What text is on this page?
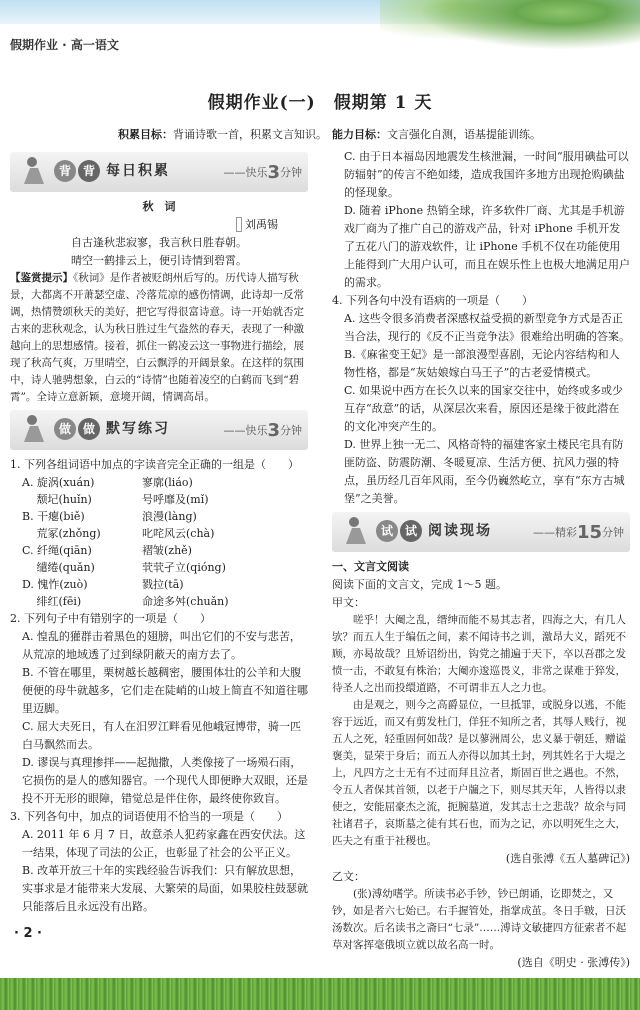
假期作业 · 高一语文
假期作业(一)　假期第 1 天
积累目标：背诵诗歌一首，积累文言知识。 能力目标：文言强化自测，语基提能训练。
背 背 每日积累	——快乐3分钟

秋　词

刘禹锡

自古逢秋悲寂寥，我言秋日胜春朝。

晴空一鹤排云上，便引诗情到碧霄。

【鉴赏提示】《秋词》是作者被贬朗州后写的。历代诗人描写秋景，大都离不开萧瑟空虚、冷落荒凉的感伤情调，此诗却一反常调，热情赞颂秋天的美好，把它写得很富诗意。诗一开始就否定古来的悲秋观念，认为秋日胜过生气盎然的春天，表现了一种激越向上的思想感情。接着，抓住一鹤凌云这一事物进行描绘，展现了秋高气爽，万里晴空，白云飘浮的开阔景象。在这样的氛围中，诗人驰骋想象，白云的“诗情”也随着凌空的白鹤而飞到“碧霄”。全诗立意新颖，意境开阔，情调高昂。

做 做 默写练习	——快乐3分钟

1. 下列各组词语中加点的字读音完全正确的一组是（　　）

A. 旋涡(xuán)	寥廓(liáo)
　 颓圮(huǐn)	号呼靡及(mǐ)
B. 干瘪(biě)	浪漫(làng)
　 荒冢(zhǒng)	叱咤风云(chà)
C. 纤绳(qiān)	褶皱(zhě)
　 缱绻(quǎn)	茕茕孑立(qióng)
D. 愧怍(zuò)	戮拉(tā)
　 绯红(fēi)	命途多舛(chuǎn)

2. 下列句子中有错别字的一项是（　　）

A. 惶乱的獾群击着黑色的翅膀，叫出它们的不安与悲苦，从荒凉的地域透了过到绿阴蔽天的南方去了。

B. 不管在哪里，栗树越长越稠密，腰围体壮的公羊和大腹便便的母牛就越多，它们走在陡峭的山坡上简直不知道往哪里迈脚。

C. 屈大夫死日，有人在汨罗江畔看见他峨冠博带，骑一匹白马飘然而去。

D. 谬误与真理掺拌——起抛撒，人类像接了一场殒石雨，它损伤的是人的感知器官。一个现代人即便睁大双眼，还是投不开无形的眼障，错觉总是伴住你，最终使你致盲。

3. 下列各句中，加点的词语使用不恰当的一项是（　　）

A. 2011 年 6 月 7 日，故意杀人犯药家鑫在西安伏法。这一结果，体现了司法的公正，也彰显了社会的公平正义。

B. 改革开放三十年的实践经验告诉我们：只有解放思想，实事求是才能带来大发展、大繁荣的局面，如果胶柱鼓瑟就只能落后且永远没有出路。

C. 由于日本福岛因地震发生核泄漏，一时间“服用碘盐可以防辐射”的传言不绝如缕，造成我国许多地方出现抢购碘盐的怪现象。

D. 随着 iPhone 热销全球，许多软件厂商、尤其是手机游戏厂商为了推广自己的游戏产品，针对 iPhone 手机开发了五花八门的游戏软件，让 iPhone 手机不仅在功能使用上能得到广大用户认可，而且在娱乐性上也极大地满足用户的需求。

4. 下列各句中没有语病的一项是（　　）

A. 这些令很多消费者深感权益受损的新型竞争方式是否正当合法，现行的《反不正当竞争法》很难给出明确的答案。

B.《麻雀变王妃》是一部浪漫型喜剧，无论内容结构和人物性格，都是“灰姑娘嫁白马王子”的古老爱情模式。

C. 如果说中西方在长久以来的国家交往中，始终或多或少互存“敌意”的话，从深层次来看，原因还是缘于彼此潜在的文化冲突产生的。

D. 世界上独一无二、风格奇特的福建客家土楼民宅具有防匪防盗、防震防潮、冬暖夏凉、生活方便、抗风力强的特点，虽历经几百年风雨，至今仍巍然屹立，享有“东方古城堡”之美誉。

试 试 阅读现场	——精彩15分钟

一、文言文阅读

阅读下面的文言文，完成 1～5 题。

甲文：

嗟乎！大阉之乱，缙绅而能不易其志者，四海之大，有几人欤？而五人生于编伍之间，素不闻诗书之训，激昂大义，蹈死不顾，亦曷故哉？且矫诏纷出，钩党之捕遍于天下，卒以吾郡之发愤一击，不敢复有株治；大阉亦逡巡畏义，非常之谋难于猝发，待圣人之出而投缳道路，不可谓非五人之力也。

由是观之，则今之高爵显位，一旦抵罪，或脱身以逃，不能容于远近，而又有剪发杜门，佯狂不知所之者，其辱人贱行，视五人之死，轻重固何如哉？是以蓼洲周公，忠义暴于朝廷，赠谥褒美，显荣于身后；而五人亦得以加其土封，列其姓名于大堤之上，凡四方之士无有不过而拜且泣者，斯固百世之遇也。不然，令五人者保其首领，以老于户牖之下，则尽其天年，人皆得以隶使之，安能屈豪杰之流，扼腕墓道，发其志士之悲哉？故余与同社诸君子，哀斯墓之徒有其石也，而为之记，亦以明死生之大，匹夫之有重于社稷也。

(选自张溥《五人墓碑记》)

乙文：

(张)溥幼嗜学。所读书必手钞，钞已朗诵，讫即焚之，又钞，如是者六七始已。右手握管处，指掌成茧。冬日手皲，日沃汤数次。后名读书之斋曰“七录”……溥诗文敏捷四方征索者不起草对客挥毫俄顷立就以故名高一时。

(选自《明史 · 张溥传》)

· 2 ·
